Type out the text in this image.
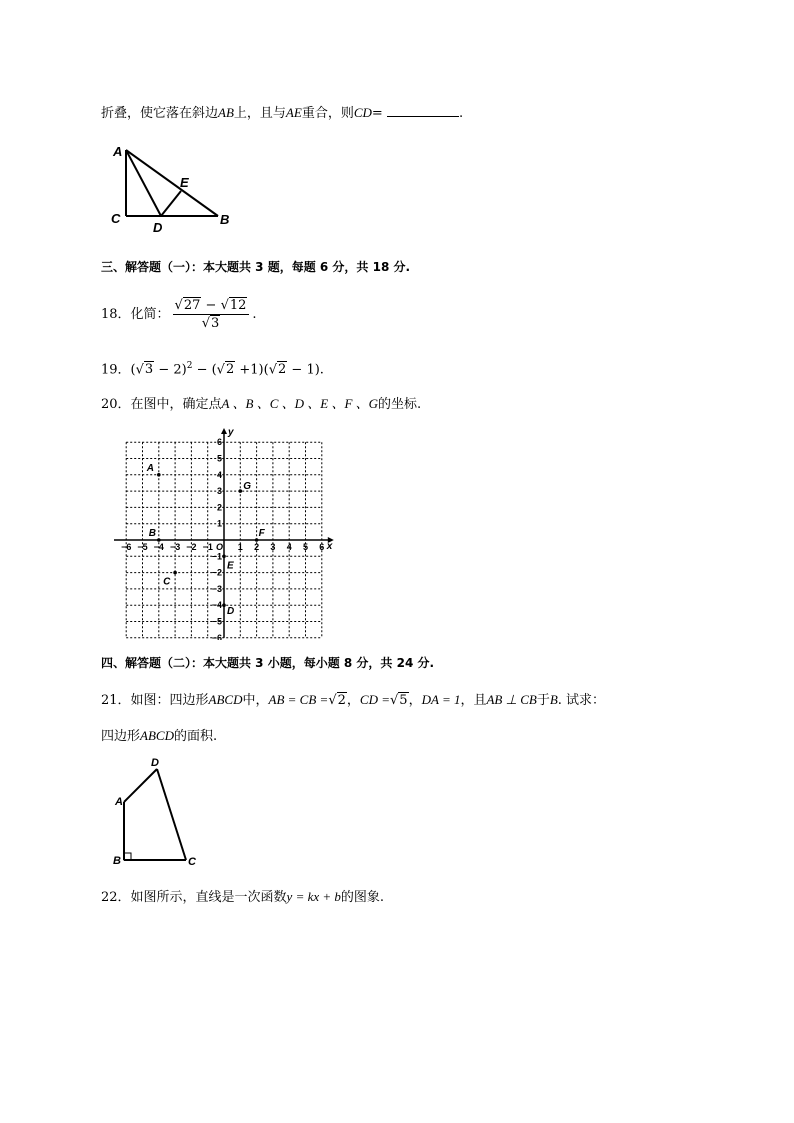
折叠，使它落在斜边AB上，且与AE重合，则CD=	.
A
C
D
E
B
三、解答题（一）：本大题共 3 题，每题 6 分，共 18 分.
18．化简： $\frac{√27 - √12}{√3}$ .
19．$(√3 - 2)^2 - (√2 +1)(√2 - 1)$.
20．在图中，确定点A 、B 、C 、D 、E 、F 、G的坐标.
x
y
−6 −5 −4 −3 −2 −1	1 2 3 4 5 6
6
5
4
3
2
1
−1
−2
−3
−4
−5
−6
O
A
B
C
D
E
F
G
四、解答题（二）：本大题共 3 小题，每小题 8 分，共 24 分.
21．如图：四边形ABCD中，AB = CB =√2，CD =√5，DA = 1，且AB ⊥ CB于B. 试求：
四边形ABCD的面积.
A
B	C
D
22．如图所示，直线是一次函数y = kx + b的图象.
